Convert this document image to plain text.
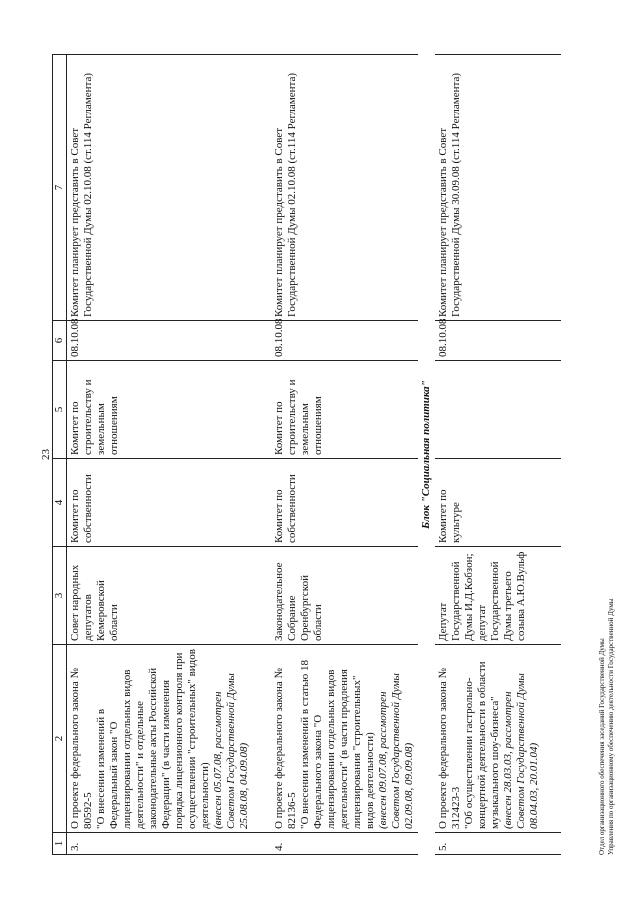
23
1	2	3	4	5	6	7
3.	О проекте федерального закона № 80592-5 "О внесении изменений в Федеральный закон "О лицензировании отдельных видов деятельности" и отдельные законодательные акты Российской Федерации" (в части изменения порядка лицензионного контроля при осуществлении "строительных" видов деятельности) (внесен 05.07.08, рассмотрен Советом Государственной Думы 25.08.08, 04.09.08)	Совет народных депутатов Кемеровской области	Комитет по собственности	Комитет по строительству и земельным отношениям	08.10.08	Комитет планирует представить в Совет Государственной Думы 02.10.08 (ст.114 Регламента)

4.	О проекте федерального закона № 82136-5 "О внесении изменений в статью 18 Федерального закона "О лицензировании отдельных видов деятельности" (в части продления лицензирования "строительных" видов деятельности) (внесен 09.07.08, рассмотрен Советом Государственной Думы 02.09.08, 09.09.08)	Законодательное Собрание Оренбургской области	Комитет по собственности	Комитет по строительству и земельным отношениям	08.10.08	Комитет планирует представить в Совет Государственной Думы 02.10.08 (ст.114 Регламента)
Блок "Социальная политика"						
5.	О проекте федерального закона № 312423-3 "Об осуществлении гастрольно-концертной деятельности в области музыкального шоу-бизнеса" (внесен 28.03.03, рассмотрен Советом Государственной Думы 08.04.03, 20.01.04)	Депутат Государственной Думы И.Д.Кобзон; депутат Государственной Думы третьего созыва А.Ю.Вульф	Комитет по культуре		08.10.08	Комитет планирует представить в Совет Государственной Думы 30.09.08 (ст.114 Регламента)

Отдел организационного обеспечения заседаний Государственной Думы Управления по организационному обеспечению деятельности Государственной Думы
